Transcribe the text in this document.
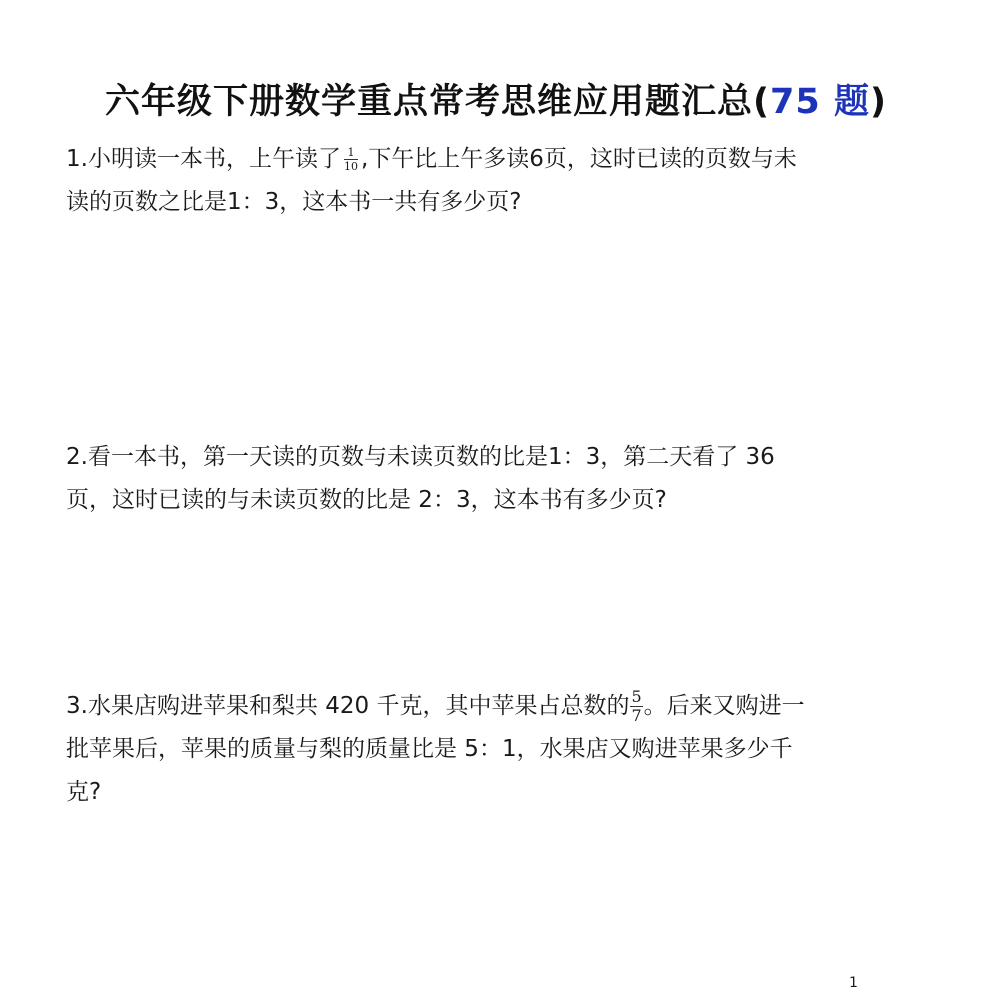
六年级下册数学重点常考思维应用题汇总(75 题)
1.小明读一本书，上午读了 $\frac{1}{10}$ ,下午比上午多读6页，这时已读的页数与未
读的页数之比是1：3，这本书一共有多少页?
2.看一本书，第一天读的页数与未读页数的比是1：3，第二天看了 36
页，这时已读的与未读页数的比是 2：3，这本书有多少页?
3.水果店购进苹果和梨共 420 千克，其中苹果占总数的 $\frac{5}{7}$ 。后来又购进一
批苹果后，苹果的质量与梨的质量比是 5：1，水果店又购进苹果多少千
克?
1
